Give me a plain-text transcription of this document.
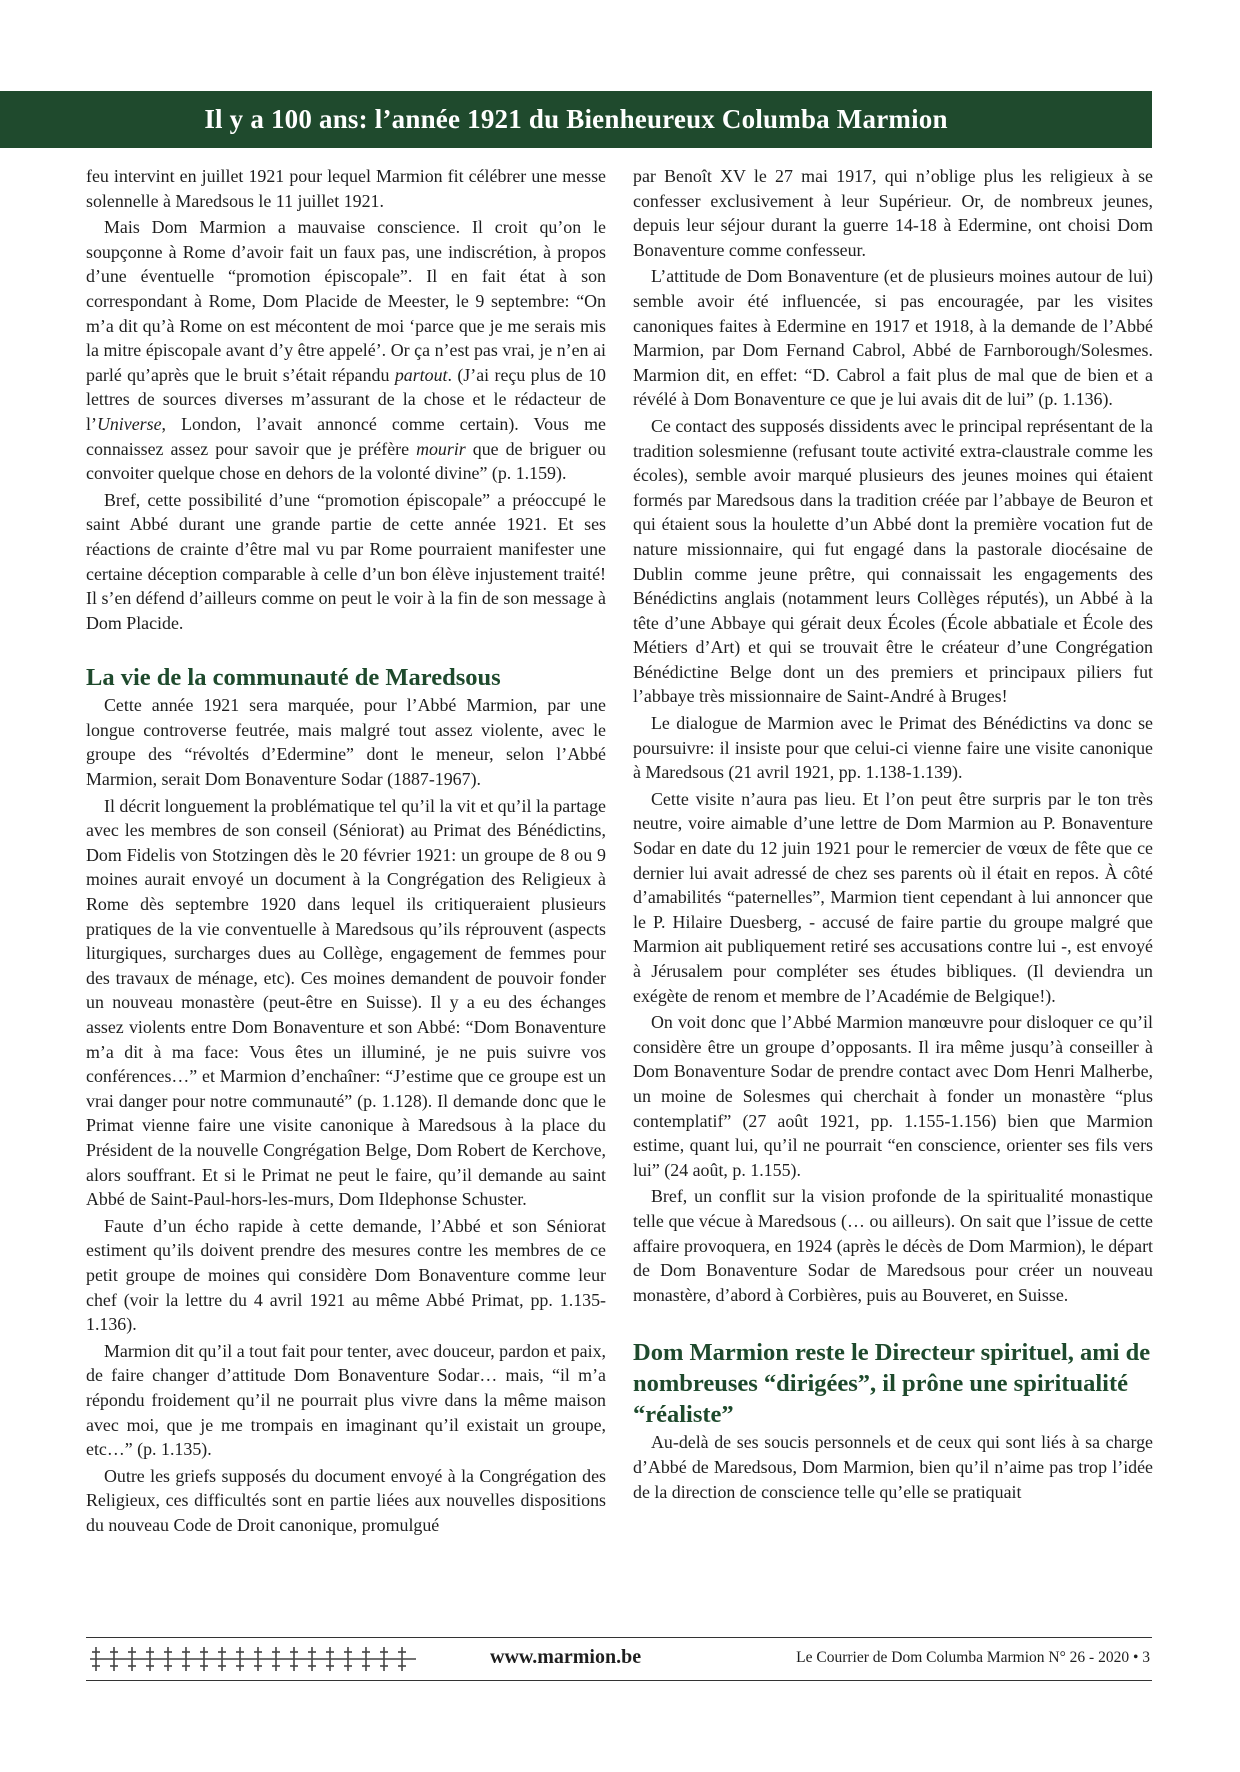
Il y a 100 ans: l’année 1921 du Bienheureux Columba Marmion

feu intervint en juillet 1921 pour lequel Marmion fit célébrer une messe solennelle à Maredsous le 11 juillet 1921.

Mais Dom Marmion a mauvaise conscience. Il croit qu’on le soupçonne à Rome d’avoir fait un faux pas, une indiscrétion, à propos d’une éventuelle “promotion épiscopale”. Il en fait état à son correspondant à Rome, Dom Placide de Meester, le 9 septembre: “On m’a dit qu’à Rome on est mécontent de moi ‘parce que je me serais mis la mitre épiscopale avant d’y être appelé’. Or ça n’est pas vrai, je n’en ai parlé qu’après que le bruit s’était répandu partout. (J’ai reçu plus de 10 lettres de sources diverses m’assurant de la chose et le rédacteur de l’Universe, London, l’avait annoncé comme certain). Vous me connaissez assez pour savoir que je préfère mourir que de briguer ou convoiter quelque chose en dehors de la volonté divine” (p. 1.159).

Bref, cette possibilité d’une “promotion épiscopale” a préoccupé le saint Abbé durant une grande partie de cette année 1921. Et ses réactions de crainte d’être mal vu par Rome pourraient manifester une certaine déception comparable à celle d’un bon élève injustement traité! Il s’en défend d’ailleurs comme on peut le voir à la fin de son message à Dom Placide.

La vie de la communauté de Maredsous

Cette année 1921 sera marquée, pour l’Abbé Marmion, par une longue controverse feutrée, mais malgré tout assez violente, avec le groupe des “révoltés d’Edermine” dont le meneur, selon l’Abbé Marmion, serait Dom Bonaventure Sodar (1887-1967).

Il décrit longuement la problématique tel qu’il la vit et qu’il la partage avec les membres de son conseil (Séniorat) au Primat des Bénédictins, Dom Fidelis von Stotzingen dès le 20 février 1921: un groupe de 8 ou 9 moines aurait envoyé un document à la Congrégation des Religieux à Rome dès septembre 1920 dans lequel ils critiqueraient plusieurs pratiques de la vie conventuelle à Maredsous qu’ils réprouvent (aspects liturgiques, surcharges dues au Collège, engagement de femmes pour des travaux de ménage, etc). Ces moines demandent de pouvoir fonder un nouveau monastère (peut-être en Suisse). Il y a eu des échanges assez violents entre Dom Bonaventure et son Abbé: “Dom Bonaventure m’a dit à ma face: Vous êtes un illuminé, je ne puis suivre vos conférences…” et Marmion d’enchaîner: “J’estime que ce groupe est un vrai danger pour notre communauté” (p. 1.128). Il demande donc que le Primat vienne faire une visite canonique à Maredsous à la place du Président de la nouvelle Congrégation Belge, Dom Robert de Kerchove, alors souffrant. Et si le Primat ne peut le faire, qu’il demande au saint Abbé de Saint-Paul-hors-les-murs, Dom Ildephonse Schuster.

Faute d’un écho rapide à cette demande, l’Abbé et son Séniorat estiment qu’ils doivent prendre des mesures contre les membres de ce petit groupe de moines qui considère Dom Bonaventure comme leur chef (voir la lettre du 4 avril 1921 au même Abbé Primat, pp. 1.135-1.136).

Marmion dit qu’il a tout fait pour tenter, avec douceur, pardon et paix, de faire changer d’attitude Dom Bonaventure Sodar… mais, “il m’a répondu froidement qu’il ne pourrait plus vivre dans la même maison avec moi, que je me trompais en imaginant qu’il existait un groupe, etc…” (p. 1.135).

Outre les griefs supposés du document envoyé à la Congrégation des Religieux, ces difficultés sont en partie liées aux nouvelles dispositions du nouveau Code de Droit canonique, promulgué

par Benoît XV le 27 mai 1917, qui n’oblige plus les religieux à se confesser exclusivement à leur Supérieur. Or, de nombreux jeunes, depuis leur séjour durant la guerre 14-18 à Edermine, ont choisi Dom Bonaventure comme confesseur.

L’attitude de Dom Bonaventure (et de plusieurs moines autour de lui) semble avoir été influencée, si pas encouragée, par les visites canoniques faites à Edermine en 1917 et 1918, à la demande de l’Abbé Marmion, par Dom Fernand Cabrol, Abbé de Farnborough/Solesmes. Marmion dit, en effet: “D. Cabrol a fait plus de mal que de bien et a révélé à Dom Bonaventure ce que je lui avais dit de lui” (p. 1.136).

Ce contact des supposés dissidents avec le principal représentant de la tradition solesmienne (refusant toute activité extra-claustrale comme les écoles), semble avoir marqué plusieurs des jeunes moines qui étaient formés par Maredsous dans la tradition créée par l’abbaye de Beuron et qui étaient sous la houlette d’un Abbé dont la première vocation fut de nature missionnaire, qui fut engagé dans la pastorale diocésaine de Dublin comme jeune prêtre, qui connaissait les engagements des Bénédictins anglais (notamment leurs Collèges réputés), un Abbé à la tête d’une Abbaye qui gérait deux Écoles (École abbatiale et École des Métiers d’Art) et qui se trouvait être le créateur d’une Congrégation Bénédictine Belge dont un des premiers et principaux piliers fut l’abbaye très missionnaire de Saint-André à Bruges!

Le dialogue de Marmion avec le Primat des Bénédictins va donc se poursuivre: il insiste pour que celui-ci vienne faire une visite canonique à Maredsous (21 avril 1921, pp. 1.138-1.139).

Cette visite n’aura pas lieu. Et l’on peut être surpris par le ton très neutre, voire aimable d’une lettre de Dom Marmion au P. Bonaventure Sodar en date du 12 juin 1921 pour le remercier de vœux de fête que ce dernier lui avait adressé de chez ses parents où il était en repos. À côté d’amabilités “paternelles”, Marmion tient cependant à lui annoncer que le P. Hilaire Duesberg, - accusé de faire partie du groupe malgré que Marmion ait publiquement retiré ses accusations contre lui -, est envoyé à Jérusalem pour compléter ses études bibliques. (Il deviendra un exégète de renom et membre de l’Académie de Belgique!).

On voit donc que l’Abbé Marmion manœuvre pour disloquer ce qu’il considère être un groupe d’opposants. Il ira même jusqu’à conseiller à Dom Bonaventure Sodar de prendre contact avec Dom Henri Malherbe, un moine de Solesmes qui cherchait à fonder un monastère “plus contemplatif” (27 août 1921, pp. 1.155-1.156) bien que Marmion estime, quant lui, qu’il ne pourrait “en conscience, orienter ses fils vers lui” (24 août, p. 1.155).

Bref, un conflit sur la vision profonde de la spiritualité monastique telle que vécue à Maredsous (… ou ailleurs). On sait que l’issue de cette affaire provoquera, en 1924 (après le décès de Dom Marmion), le départ de Dom Bonaventure Sodar de Maredsous pour créer un nouveau monastère, d’abord à Corbières, puis au Bouveret, en Suisse.

Dom Marmion reste le Directeur spirituel, ami de nombreuses “dirigées”, il prône une spiritualité “réaliste”

Au-delà de ses soucis personnels et de ceux qui sont liés à sa charge d’Abbé de Maredsous, Dom Marmion, bien qu’il n’aime pas trop l’idée de la direction de conscience telle qu’elle se pratiquait

www.marmion.be	Le Courrier de Dom Columba Marmion N° 26 - 2020 • 3
